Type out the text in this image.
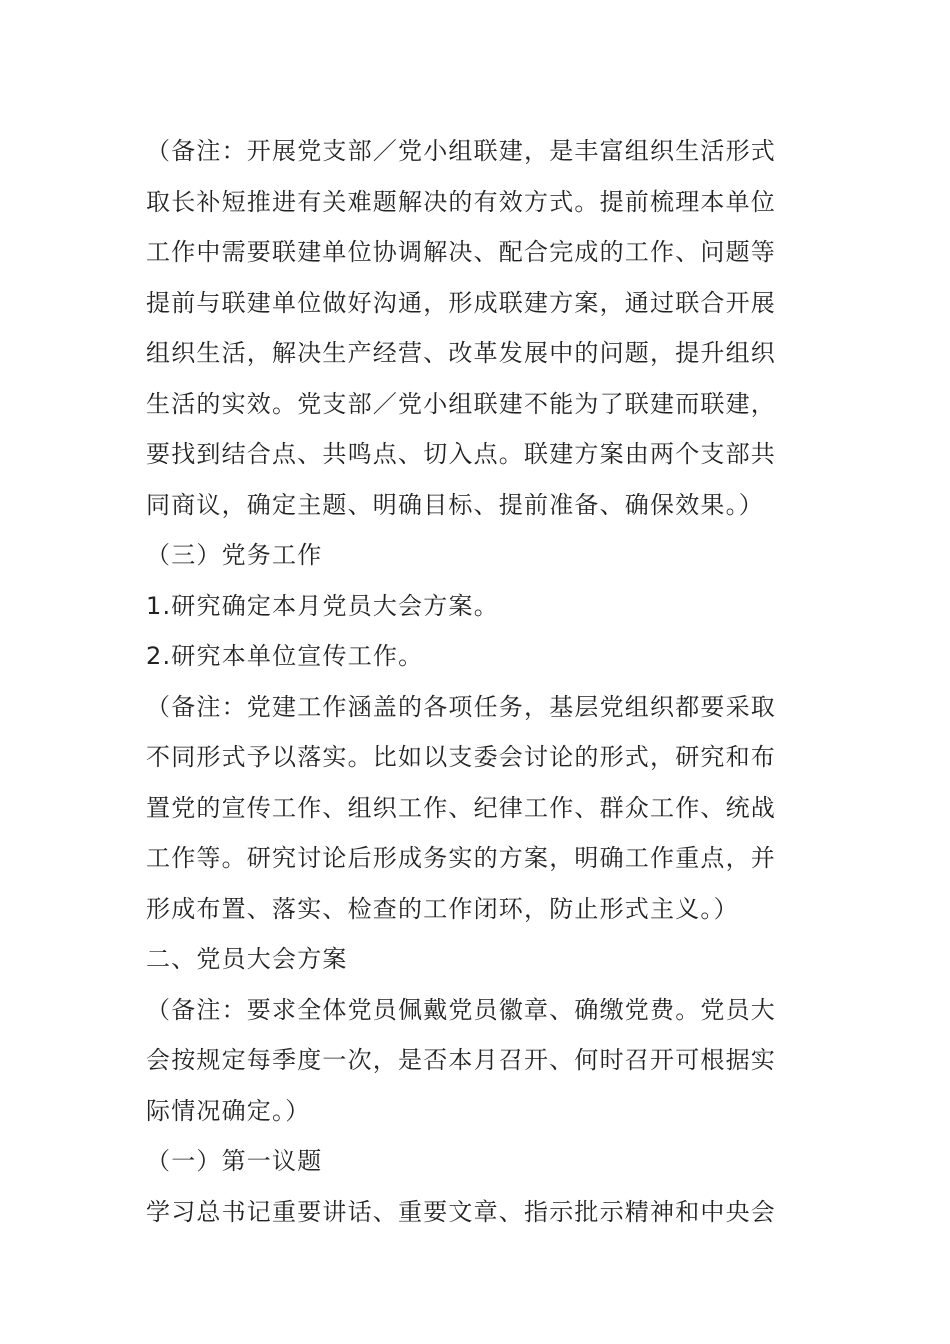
（备注：开展党支部／党小组联建，是丰富组织生活形式
取长补短推进有关难题解决的有效方式。提前梳理本单位
工作中需要联建单位协调解决、配合完成的工作、问题等
提前与联建单位做好沟通，形成联建方案，通过联合开展
组织生活，解决生产经营、改革发展中的问题，提升组织
生活的实效。党支部／党小组联建不能为了联建而联建，
要找到结合点、共鸣点、切入点。联建方案由两个支部共
同商议，确定主题、明确目标、提前准备、确保效果。）
（三）党务工作
1.研究确定本月党员大会方案。
2.研究本单位宣传工作。
（备注：党建工作涵盖的各项任务，基层党组织都要采取
不同形式予以落实。比如以支委会讨论的形式，研究和布
置党的宣传工作、组织工作、纪律工作、群众工作、统战
工作等。研究讨论后形成务实的方案，明确工作重点，并
形成布置、落实、检查的工作闭环，防止形式主义。）
二、党员大会方案
（备注：要求全体党员佩戴党员徽章、确缴党费。党员大
会按规定每季度一次，是否本月召开、何时召开可根据实
际情况确定。）
（一）第一议题
学习总书记重要讲话、重要文章、指示批示精神和中央会
